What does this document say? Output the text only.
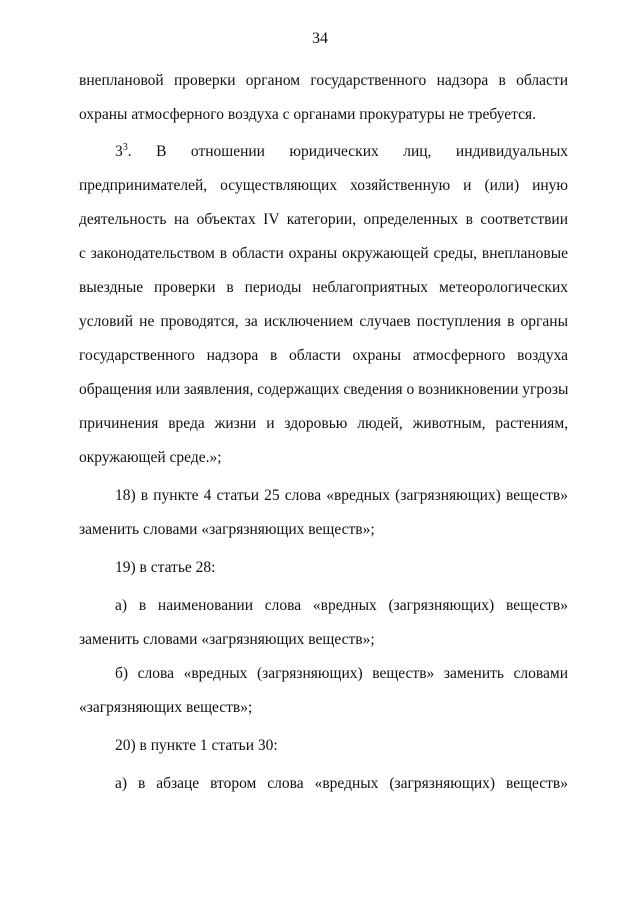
34
внеплановой проверки органом государственного надзора в области
охраны атмосферного воздуха с органами прокуратуры не требуется.
$3^3$. В отношении юридических лиц, индивидуальных
предпринимателей, осуществляющих хозяйственную и (или) иную
деятельность на объектах IV категории, определенных в соответствии
с законодательством в области охраны окружающей среды, внеплановые
выездные проверки в периоды неблагоприятных метеорологических
условий не проводятся, за исключением случаев поступления в органы
государственного надзора в области охраны атмосферного воздуха
обращения или заявления, содержащих сведения о возникновении угрозы
причинения вреда жизни и здоровью людей, животным, растениям,
окружающей среде.»;
18) в пункте 4 статьи 25 слова «вредных (загрязняющих) веществ»
заменить словами «загрязняющих веществ»;
19) в статье 28:
а) в наименовании слова «вредных (загрязняющих) веществ»
заменить словами «загрязняющих веществ»;
б) слова «вредных (загрязняющих) веществ» заменить словами
«загрязняющих веществ»;
20) в пункте 1 статьи 30:
а) в абзаце втором слова «вредных (загрязняющих) веществ»
